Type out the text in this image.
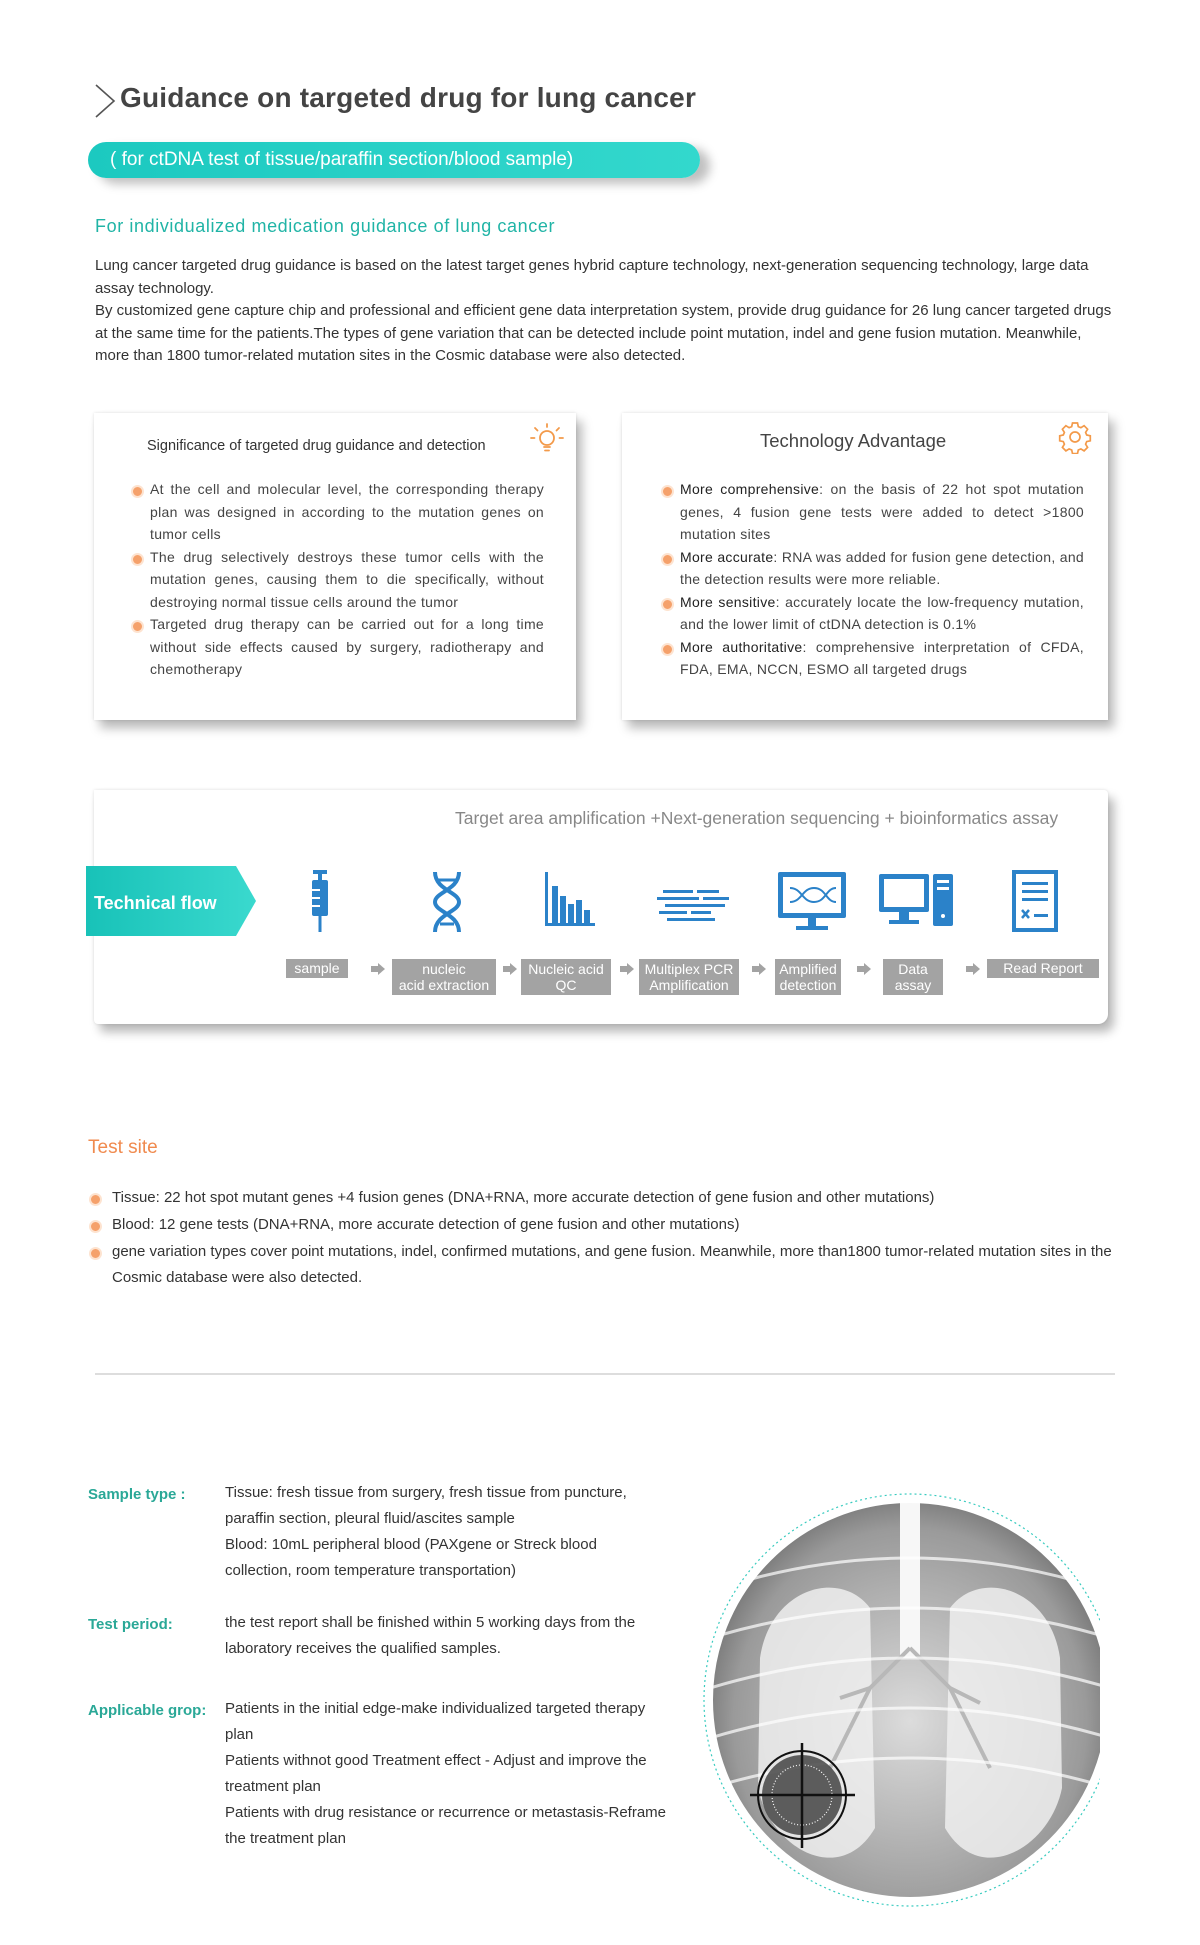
Guidance on targeted drug for lung cancer
( for ctDNA test of tissue/paraffin section/blood sample)
For individualized medication guidance of lung cancer
Lung cancer targeted drug guidance is based on the latest target genes hybrid capture technology, next-generation sequencing technology, large data assay technology.
By customized gene capture chip and professional and efficient gene data interpretation system, provide drug guidance for 26 lung cancer targeted drugs at the same time for the patients.The types of gene variation that can be detected include point mutation, indel and gene fusion mutation. Meanwhile, more than 1800 tumor-related mutation sites in the Cosmic database were also detected.
Significance of targeted drug guidance and detection
At the cell and molecular level, the corresponding therapy plan was designed in according to the mutation genes on tumor cells
The drug selectively destroys these tumor cells with the mutation genes, causing them to die specifically, without destroying normal tissue cells around the tumor
Targeted drug therapy can be carried out for a long time without side effects caused by surgery, radiotherapy and chemotherapy
Technology Advantage
More comprehensive: on the basis of 22 hot spot mutation genes, 4 fusion gene tests were added to detect >1800 mutation sites
More accurate: RNA was added for fusion gene detection, and the detection results were more reliable.
More sensitive: accurately locate the low-frequency mutation, and the lower limit of ctDNA detection is 0.1%
More authoritative: comprehensive interpretation of CFDA, FDA, EMA, NCCN, ESMO all targeted drugs
Target area amplification +Next-generation sequencing + bioinformatics assay
Technical flow
sample	nucleic
acid extraction
Nucleic acid
QC
Multiplex PCR
Amplification
Amplified
detection
Data
assay
Read Report
Test site
Tissue: 22 hot spot mutant genes +4 fusion genes (DNA+RNA, more accurate detection of gene fusion and other mutations)
Blood: 12 gene tests (DNA+RNA, more accurate detection of gene fusion and other mutations)
gene variation types cover point mutations, indel, confirmed mutations, and gene fusion. Meanwhile, more than1800 tumor-related mutation sites in the Cosmic database were also detected.
Sample type :	Tissue: fresh tissue from surgery, fresh tissue from puncture, paraffin section, pleural fluid/ascites sample
Blood: 10mL peripheral blood (PAXgene or Streck blood collection, room temperature transportation)
Test period:	the test report shall be finished within 5 working days from the laboratory receives the qualified samples.
Applicable grop: Patients in the initial edge-make individualized targeted therapy plan
Patients withnot good Treatment effect - Adjust and improve the treatment plan
Patients with drug resistance or recurrence or metastasis-Reframe the treatment plan
